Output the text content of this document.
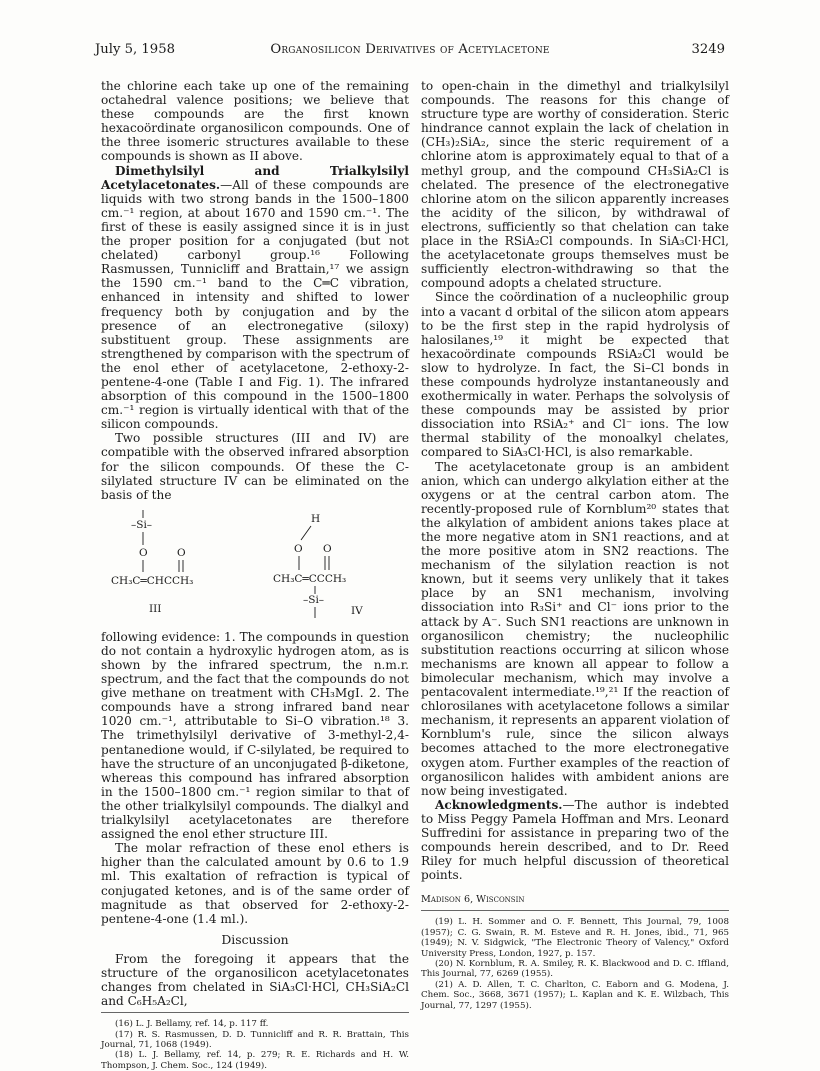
July 5, 1958	Organosilicon Derivatives of Acetylacetone	3249

the chlorine each take up one of the remaining octahedral valence positions; we believe that these compounds are the first known hexacoördinate organosilicon compounds. One of the three isomeric structures available to these compounds is shown as II above.

Dimethylsilyl and Trialkylsilyl Acetylacetonates.—All of these compounds are liquids with two strong bands in the 1500–1800 cm.⁻¹ region, at about 1670 and 1590 cm.⁻¹. The first of these is easily assigned since it is in just the proper position for a conjugated (but not chelated) carbonyl group.¹⁶ Following Rasmussen, Tunnicliff and Brattain,¹⁷ we assign the 1590 cm.⁻¹ band to the C═C vibration, enhanced in intensity and shifted to lower frequency both by conjugation and by the presence of an electronegative (siloxy) substituent group. These assignments are strengthened by comparison with the spectrum of the enol ether of acetylacetone, 2-ethoxy-2-pentene-4-one (Table I and Fig. 1). The infrared absorption of this compound in the 1500–1800 cm.⁻¹ region is virtually identical with that of the silicon compounds.

Two possible structures (III and IV) are compatible with the observed infrared absorption for the silicon compounds. Of these the C-silylated structure IV can be eliminated on the basis of the

–Si–
O	O
CH₃C═CHCCH₃
III
H
O O
CH₃C═CCCH₃
–Si–
IV

following evidence: 1. The compounds in question do not contain a hydroxylic hydrogen atom, as is shown by the infrared spectrum, the n.m.r. spectrum, and the fact that the compounds do not give methane on treatment with CH₃MgI. 2. The compounds have a strong infrared band near 1020 cm.⁻¹, attributable to Si–O vibration.¹⁸ 3. The trimethylsilyl derivative of 3-methyl-2,4-pentanedione would, if C-silylated, be required to have the structure of an unconjugated β-diketone, whereas this compound has infrared absorption in the 1500–1800 cm.⁻¹ region similar to that of the other trialkylsilyl compounds. The dialkyl and trialkylsilyl acetylacetonates are therefore assigned the enol ether structure III.

The molar refraction of these enol ethers is higher than the calculated amount by 0.6 to 1.9 ml. This exaltation of refraction is typical of conjugated ketones, and is of the same order of magnitude as that observed for 2-ethoxy-2-pentene-4-one (1.4 ml.).

Discussion

From the foregoing it appears that the structure of the organosilicon acetylacetonates changes from chelated in SiA₃Cl·HCl, CH₃SiA₂Cl and C₆H₅A₂Cl,

(16) L. J. Bellamy, ref. 14, p. 117 ff.

(17) R. S. Rasmussen, D. D. Tunnicliff and R. R. Brattain, This Journal, 71, 1068 (1949).

(18) L. J. Bellamy, ref. 14, p. 279; R. E. Richards and H. W. Thompson, J. Chem. Soc., 124 (1949).

to open-chain in the dimethyl and trialkylsilyl compounds. The reasons for this change of structure type are worthy of consideration. Steric hindrance cannot explain the lack of chelation in (CH₃)₂SiA₂, since the steric requirement of a chlorine atom is approximately equal to that of a methyl group, and the compound CH₃SiA₂Cl is chelated. The presence of the electronegative chlorine atom on the silicon apparently increases the acidity of the silicon, by withdrawal of electrons, sufficiently so that chelation can take place in the RSiA₂Cl compounds. In SiA₃Cl·HCl, the acetylacetonate groups themselves must be sufficiently electron-withdrawing so that the compound adopts a chelated structure.

Since the coördination of a nucleophilic group into a vacant d orbital of the silicon atom appears to be the first step in the rapid hydrolysis of halosilanes,¹⁹ it might be expected that hexacoördinate compounds RSiA₂Cl would be slow to hydrolyze. In fact, the Si–Cl bonds in these compounds hydrolyze instantaneously and exothermically in water. Perhaps the solvolysis of these compounds may be assisted by prior dissociation into RSiA₂⁺ and Cl⁻ ions. The low thermal stability of the monoalkyl chelates, compared to SiA₃Cl·HCl, is also remarkable.

The acetylacetonate group is an ambident anion, which can undergo alkylation either at the oxygens or at the central carbon atom. The recently-proposed rule of Kornblum²⁰ states that the alkylation of ambident anions takes place at the more negative atom in SN1 reactions, and at the more positive atom in SN2 reactions. The mechanism of the silylation reaction is not known, but it seems very unlikely that it takes place by an SN1 mechanism, involving dissociation into R₃Si⁺ and Cl⁻ ions prior to the attack by A⁻. Such SN1 reactions are unknown in organosilicon chemistry; the nucleophilic substitution reactions occurring at silicon whose mechanisms are known all appear to follow a bimolecular mechanism, which may involve a pentacovalent intermediate.¹⁹,²¹ If the reaction of chlorosilanes with acetylacetone follows a similar mechanism, it represents an apparent violation of Kornblum's rule, since the silicon always becomes attached to the more electronegative oxygen atom. Further examples of the reaction of organosilicon halides with ambident anions are now being investigated.

Acknowledgments.—The author is indebted to Miss Peggy Pamela Hoffman and Mrs. Leonard Suffredini for assistance in preparing two of the compounds herein described, and to Dr. Reed Riley for much helpful discussion of theoretical points.

Madison 6, Wisconsin

(19) L. H. Sommer and O. F. Bennett, This Journal, 79, 1008 (1957); C. G. Swain, R. M. Esteve and R. H. Jones, ibid., 71, 965 (1949); N. V. Sidgwick, "The Electronic Theory of Valency," Oxford University Press, London, 1927, p. 157.

(20) N. Kornblum, R. A. Smiley, R. K. Blackwood and D. C. Iffland, This Journal, 77, 6269 (1955).

(21) A. D. Allen, T. C. Charlton, C. Eaborn and G. Modena, J. Chem. Soc., 3668, 3671 (1957); L. Kaplan and K. E. Wilzbach, This Journal, 77, 1297 (1955).
